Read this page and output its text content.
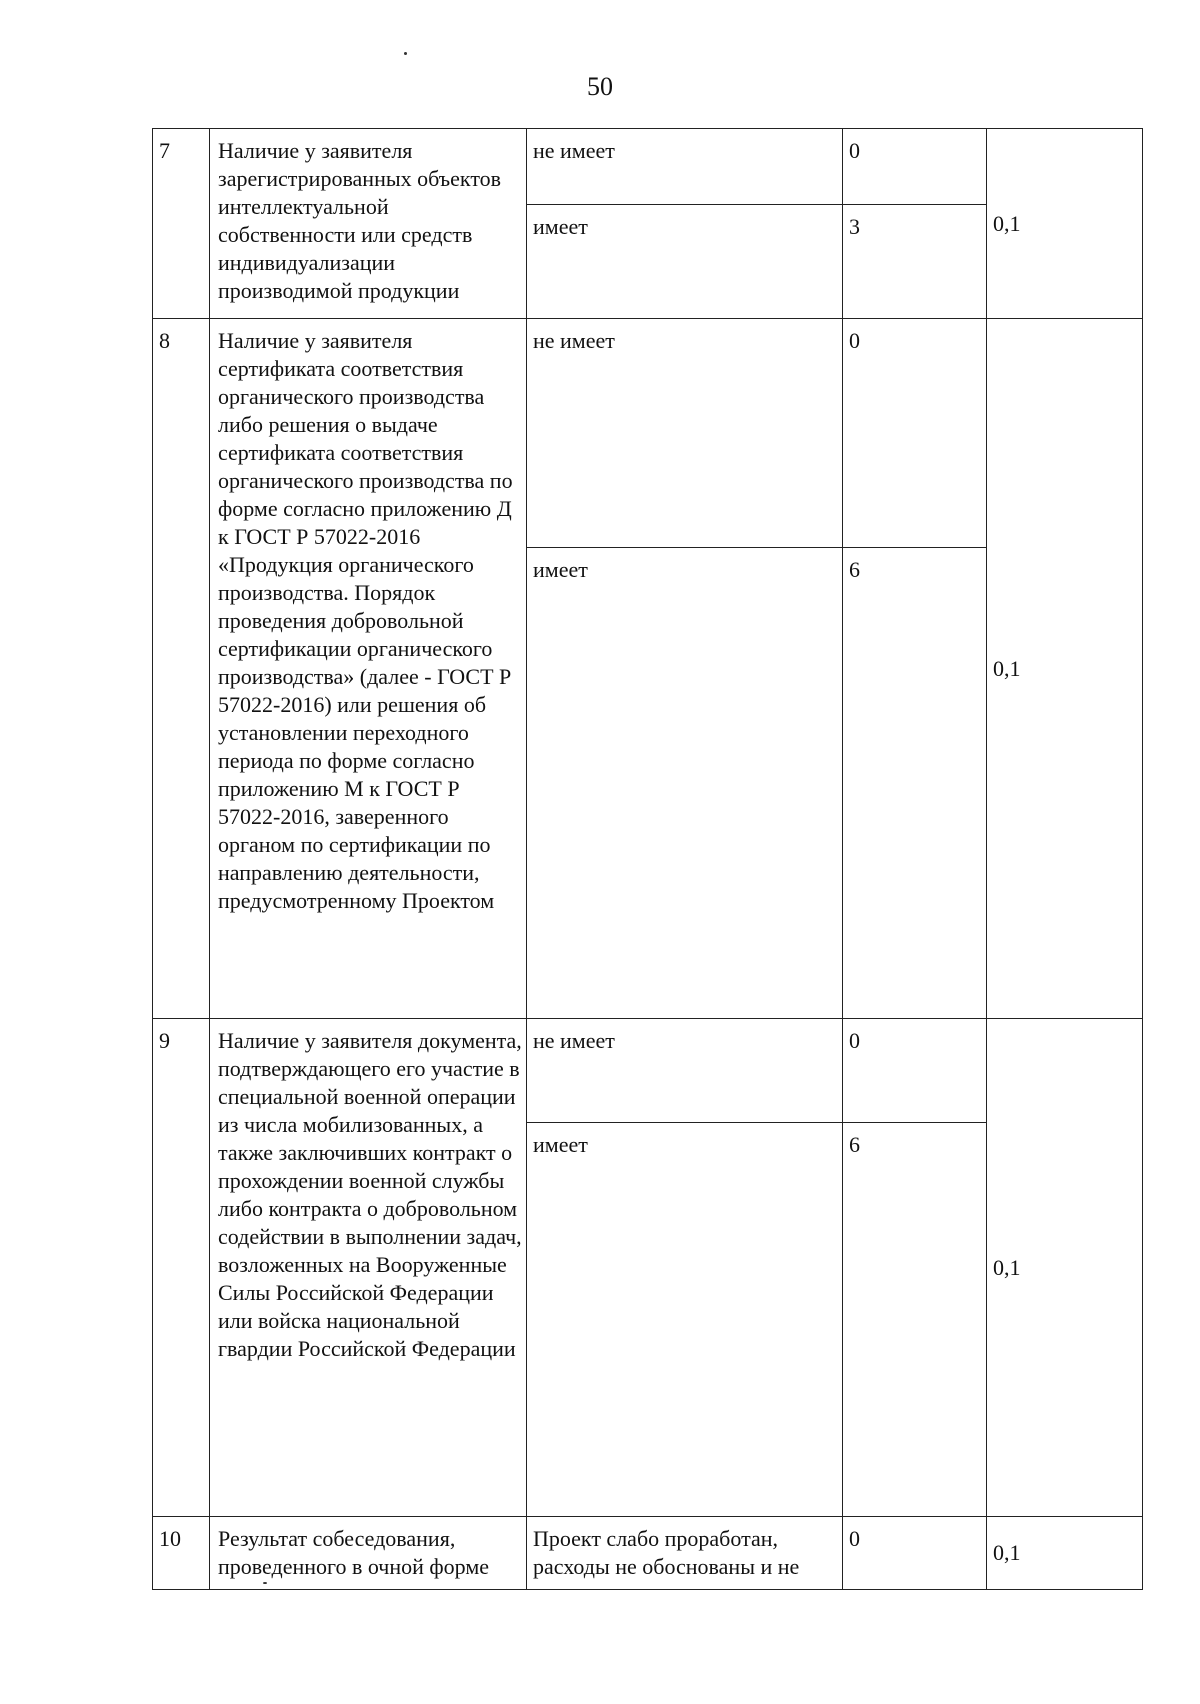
50
7	Наличие у заявителя зарегистрированных объектов интеллектуальной собственности или средств индивидуализации производимой продукции	не имеет	0	0,1
		имеет	3	
8	Наличие у заявителя сертификата соответствия органического производства либо решения о выдаче сертификата соответствия органического производства по форме согласно приложению Д к ГОСТ Р 57022-2016 «Продукция органического производства. Порядок проведения добровольной сертификации органического производства» (далее - ГОСТ Р 57022-2016) или решения об установлении переходного периода по форме согласно приложению М к ГОСТ Р 57022-2016, заверенного органом по сертификации по направлению деятельности, предусмотренному Проектом	не имеет	0	0,1
		имеет	6	
9	Наличие у заявителя документа, подтверждающего его участие в специальной военной операции из числа мобилизованных, а также заключивших контракт о прохождении военной службы либо контракта о добровольном содействии в выполнении задач, возложенных на Вооруженные Силы Российской Федерации или войска национальной гвардии Российской Федерации	не имеет	0	0,1
		имеет	6	
10	Результат собеседования, проведенного в очной форме	Проект слабо проработан, расходы не обоснованы и не	0	0,1
